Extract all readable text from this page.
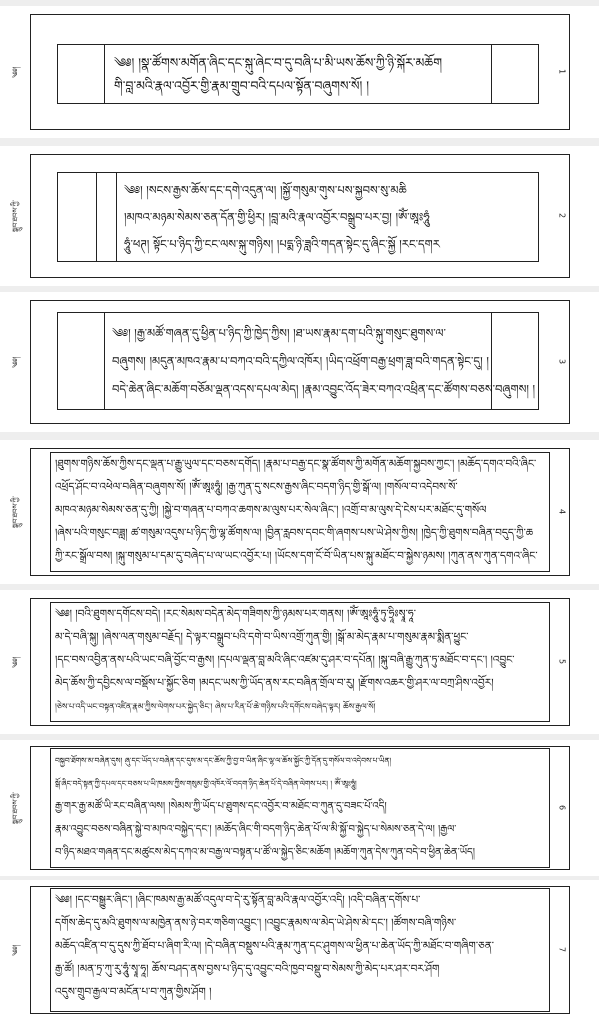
༄༅།	1
༄༅། །སྣ་ཚོགས་མགོན་ཞིང་དང་སྐུ་ཞེང་བ་དུ་བཞི་པ་མི་ཡས་ཆོས་ཀྱི་ཉི་སྐོར་མཆོག
གི་བླ་མའི་རྣལ་འབྱོར་གྱི་རྣམ་གྲུབ་བའི་དཔལ་སྟོན་བཞུགས་སོ། །
སྒྲུབ་ཐབས་ཀྱི་	2
༄༅། །སངས་རྒྱས་ཆོས་དང་དགེ་འདུན་ལ། །སྐྱོ་གསུམ་གུས་པས་སྐྱབས་སུ་མཆི
།མཁའ་མཉམ་སེམས་ཅན་དོན་གྱི་ཕྱིར། །བླ་མའི་རྣལ་འབྱོར་བསྒྲུབ་པར་བྱ། །ཨོཾ་ཨཱཿཧཱུཾ
ཧཱུཾ་ཕཊ། སྟོང་པ་ཉིད་ཀྱི་ངང་ལས་སྐུ་གཉིས། །པདྨ་ཉི་ཟླའི་གདན་སྟེང་དུ་ཞིང་སྐྱོ །རང་དགར
༄༅།	3
༄༅། །རྒྱ་མཚོ་གཞན་དུ་ཕྱིན་པ་ཉིད་ཀྱི་ཁྱེད་ཀྱིས། །ཐ་ཡས་རྣམ་དག་པའི་སྐུ་གསུང་ཐུགས་ལ་
བཞུགས། །མདུན་མཁའ་རྣམ་པ་བཀའ་བའི་དཀྱིལ་འཁོར། །ཡིད་འཕྲོག་བརྒྱ་ཕྲག་ཟླ་བའི་གདན་སྟེང་དུ། །
བདེ་ཆེན་ཞིང་མཆོག་བཅོམ་ལྡན་འདས་དཔལ་མེད། །རྣམ་འབྱུང་འོད་ཟེར་བཀའ་འཕྲིན་དང་ཚོགས་བཅས་བཞུགས། །
སྒྲུབ་ཐབས་ཀྱི་	4
།ཐུགས་གཉིས་ཆོས་ཀྱིས་དང་ལྡན་པ་རྒྱུ་ཡུལ་དང་བཅས་དགོད། །རྣམ་པ་བརྒྱ་དང་སྣ་ཚོགས་ཀྱི་མགོན་མཆོག་སྐྱབས་ཀྱང་། །མཆོད་དགའ་བའི་ཞིང་
འཕྲོད་ཤོང་བ་འཕེལ་བཞིན་བཞུགས་སོ། །ཨོཾ་ཨཱཿཧཱུཾ། །རྒྱ་ཀུན་དུ་སངས་རྒྱས་ཞིང་བདག་ཉིད་གྱི་སྒོ་ལ། །གསོལ་བ་འདེབས་སོ་
མཁའ་མཉམ་སེམས་ཅན་དུ་ཀྱི། །སྐྱེ་བ་གཞན་པ་བཀའ་ཆགས་མ་ལུས་པར་སེལ་ཞིང་། །འགྲོ་བ་མ་ལུས་དེ་ངེས་པར་མཐོང་དུ་གསོལ
།ཞེས་པའི་གསུང་བཟླ། ཚ་གསུམ་འདུས་པ་ཉིད་ཀྱི་ལྷ་ཚོགས་ལ། །བྱིན་རླབས་དབང་གི་ཞགས་པས་ཡེ་ཤེས་ཀྱིས། །ཁྱེད་ཀྱི་ཐུགས་བཞིན་བདུད་ཀྱི་ཆ
ཀྱི་རང་སྒྲོལ་བས། །སྐུ་གསུམ་པ་དམ་དུ་བཞེད་པ་ལ་ཡང་འབྱོར་པ། །ཡོངས་དག་ངོ་བོ་ཡིན་པས་སྐུ་མཐོང་བ་སྐྱེས་ཉམས། །ཀུན་ནས་ཀུན་དགའ་ཞིང་
༄༅།	5
༄༅། །བའི་ཐུགས་དགོངས་བདེ། །རང་སེམས་བདེན་མེད་གཟིགས་ཀྱི་ཉམས་པར་གནས། །ཨོཾ་ཨཱཿཧཱུཾ་ཏུ་ཧྲཱིཿསྭཱ་ཧཱ་
མ་དེ་བཞི་སྐུ། །ཞེས་ལན་གསུམ་བརྗོད། དེ་ལྟར་བསྒྲུབ་པའི་དགེ་བ་ཡིས་འགྲོ་ཀུན་གྱི། །སྒོ་མ་མེད་རྣམ་པ་གསུམ་རྣམ་སྨིན་ཕྱུང་
།དང་བས་འབྱིན་ནས་པའི་ཡང་བཞི་བྱོང་བ་རྒྱས། །དཔལ་ལྡན་བླ་མའི་ཞིང་འཛམ་དུ་ཤར་བ་དཔོན། །སྐུ་བཞི་རྒྱུ་ཀུན་ཏུ་མཐོང་བ་དང་། །འབྱུང་
མེད་ཆོས་ཀྱི་དབྱིངས་ལ་བསྡོས་པ་སྐྱོང་ཅིག །མདང་ཡས་ཀྱི་ཡོད་ནས་རང་བཞིན་གྲོལ་བ་རུ། །རྫོགས་འཆར་གྱི་ཤར་ལ་བཀྲ་ཤིས་འབྱོར།
།ཅེས་པ་འདི་ཡང་བསྟན་འཛིན་རྣམ་ཀྱིས་ལེགས་པར་སྐྱེད་ཅིང་། ཞེས་པ་རིན་པོ་ཆེ་གཉིས་པའི་དགོངས་བཞེད་ལྟར། ཆོས་རྒྱལ་སོ།
སྒྲུབ་ཐབས་ཀྱི་	6
བསྐྱབ་ཐོགས་མ་བཞེན་དུས། ཞུ་དང་ཡོད་པ་བཞེན་དང་དུས་མ་དང་ཆོས་ཀྱི་བྱ་བ་ཡིན་ཞིང་ལྷ་ལ་ཆོས་སྐྱོང་ཀྱི་དོན་དུ་གསོལ་བ་འདེབས་པ་ཡིན།
སྒོ་ཞིང་བདེ་སྟན་ཀྱི་དཔལ་དང་བཅས་པ་ཡི་ཁམས་ཀྱིས་གསུམ་གྱི་འཁོར་ལོ་བདག་ཉིད་ཆེན་པོ་དེ་བཞིན་ལེགས་པར། ། ཨོཾ་ཨཱཿཧཱུཾ།
རྒྱ་གར་རྒྱ་མཚོ་ཡི་རང་བཞིན་ལས། །སེམས་ཀྱི་ཡོད་པ་ཐུགས་དང་འབྱོར་བ་མཐོང་བ་ཀུན་དུ་བཟང་པོ་འདི།
རྣམ་འབྱུང་བཅས་བཞིན་སྐྱེ་བ་མཁའ་བསྐྱེད་དང་། །མཆོད་ཞིང་གི་བདག་ཉིད་ཆེན་པོ་ལ་མི་སྐྱོ་བ་སྐྱེད་པ་སེམས་ཅན་དེ་ལ། །རྒྱལ་
བ་ཉིད་མཐའ་གཞན་དང་མཚུངས་མེད་དཀའ་མ་བརྒྱ་ལ་བསྟན་པ་ཚོ་ལ་སྐྱེད་ཅིང་མཆོག །མཆོག་ཀུན་དེས་ཀུན་བདེ་བ་ཕྱིན་ཆེན་ཡོད།
༄༅།	7
༄༅། །དང་བསྒྱུར་ཞིང་། །ཞིང་ཁམས་རྒྱ་མཚོ་འདུལ་བ་དེ་རུ་སྟོན་བླ་མའི་རྣལ་འབྱོར་འདི། །འདི་བཞིན་དགོས་པ་
དགོས་ཆེད་དུ་མའི་ཐུགས་ལ་མཁྱེན་ནས་ཉེ་བར་གཅིག་འབྱུང་། །འབྱུང་རྣམས་ལ་མེད་ཡེ་ཤེས་མེ་དང་། །ཚོགས་བཞི་གཉིས་
མཆོད་འཛིན་བ་དུ་དུས་ཀྱི་ཐོབ་པ་ཞིག་རི་ལ། །དེ་བཞིན་བསྡུས་པའི་རྣམ་ཀུན་དང་ཤུགས་ལ་ཕྱིན་པ་ཆེན་ཡོད་ཀྱི་མཐོང་བ་གཞིག་ཅན་
རྒྱ་ཚོ། །མན་ཏྲ་ཀུ་རུ་ཧཱུཾ་སྭཱ་ཧཱ། ཆོས་བཤད་ནས་བྱས་པ་ཉིད་དུ་འབྱུང་བའི་ཁྱབ་བསྡུ་བ་སེམས་ཀྱི་མེད་པར་ཤར་བར་ཤོག
འདུས་གྲུབ་རྒྱལ་བ་མངོན་པ་བ་ཀུན་གྱིས་ཤོག །
